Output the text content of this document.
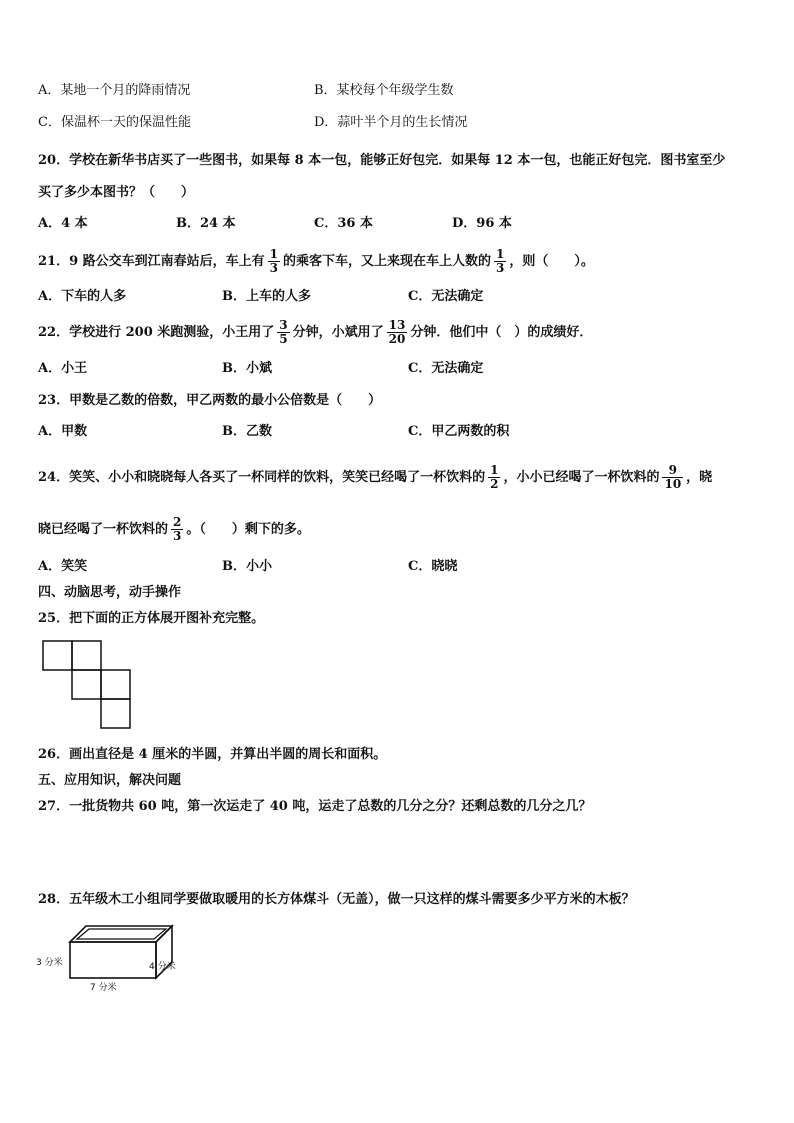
A．某地一个月的降雨情况	B．某校每个年级学生数
C．保温杯一天的保温性能	D．蒜叶半个月的生长情况
20．学校在新华书店买了一些图书，如果每 8 本一包，能够正好包完．如果每 12 本一包，也能正好包完．图书室至少
买了多少本图书？（　　）
A．4 本	B．24 本	C．36 本	D．96 本
21．9 路公交车到江南春站后，车上有 $\frac{1}{3}$ 的乘客下车，又上来现在车上人数的 $\frac{1}{3}$ ，则（　　）。
A．下车的人多	B．上车的人多	C．无法确定
22．学校进行 200 米跑测验，小王用了 $\frac{3}{5}$ 分钟，小斌用了 $\frac{13}{20}$ 分钟．他们中（　）的成绩好．
A．小王	B．小斌	C．无法确定
23．甲数是乙数的倍数，甲乙两数的最小公倍数是（　　）
A．甲数	B．乙数	C．甲乙两数的积
24．笑笑、小小和晓晓每人各买了一杯同样的饮料，笑笑已经喝了一杯饮料的 $\frac{1}{2}$ ，小小已经喝了一杯饮料的 $\frac{9}{10}$ ，晓
晓已经喝了一杯饮料的 $\frac{2}{3}$ 。（　　）剩下的多。
A．笑笑	B．小小	C．晓晓
四、动脑思考，动手操作
25．把下面的正方体展开图补充完整。
26．画出直径是 4 厘米的半圆，并算出半圆的周长和面积。
五、应用知识，解决问题
27．一批货物共 60 吨，第一次运走了 40 吨，运走了总数的几分之分？还剩总数的几分之几？
28．五年级木工小组同学要做取暖用的长方体煤斗（无盖），做一只这样的煤斗需要多少平方米的木板？
3 分米	4 分米
7 分米
